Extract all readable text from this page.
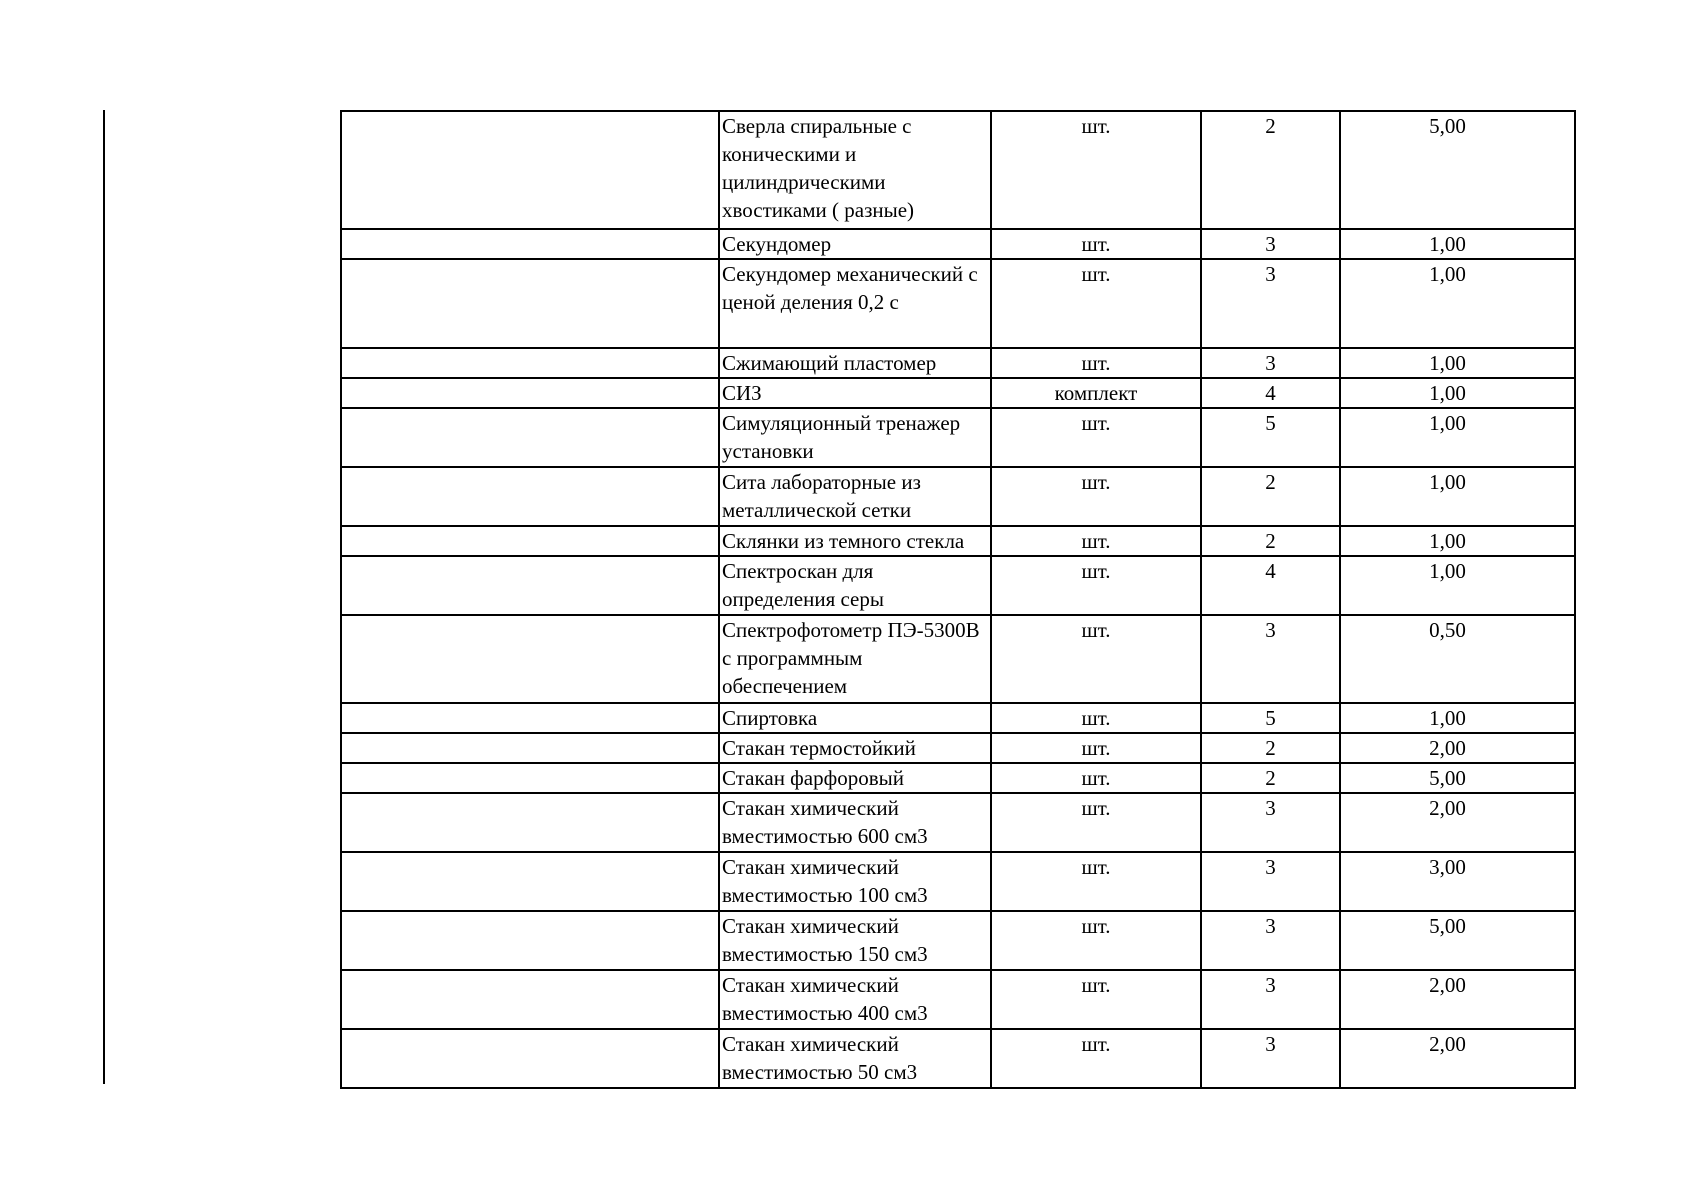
	Сверла спиральные с коническими и цилиндрическими хвостиками ( разные)	шт.	2	5,00
	Секундомер	шт.	3	1,00
	Секундомер механический с ценой деления 0,2 с	шт.	3	1,00
	Сжимающий пластомер	шт.	3	1,00
	СИЗ	комплект	4	1,00
	Симуляционный тренажер установки	шт.	5	1,00
	Сита лабораторные из металлической сетки	шт.	2	1,00
	Склянки из темного стекла	шт.	2	1,00
	Спектроскан для определения серы	шт.	4	1,00
	Спектрофотометр ПЭ-5300В с программным обеспечением	шт.	3	0,50
	Спиртовка	шт.	5	1,00
	Стакан термостойкий	шт.	2	2,00
	Стакан фарфоровый	шт.	2	5,00
	Стакан химический вместимостью 600 см3	шт.	3	2,00
	Стакан химический вместимостью 100 см3	шт.	3	3,00
	Стакан химический вместимостью 150 см3	шт.	3	5,00
	Стакан химический вместимостью 400 см3	шт.	3	2,00
	Стакан химический вместимостью 50 см3	шт.	3	2,00
